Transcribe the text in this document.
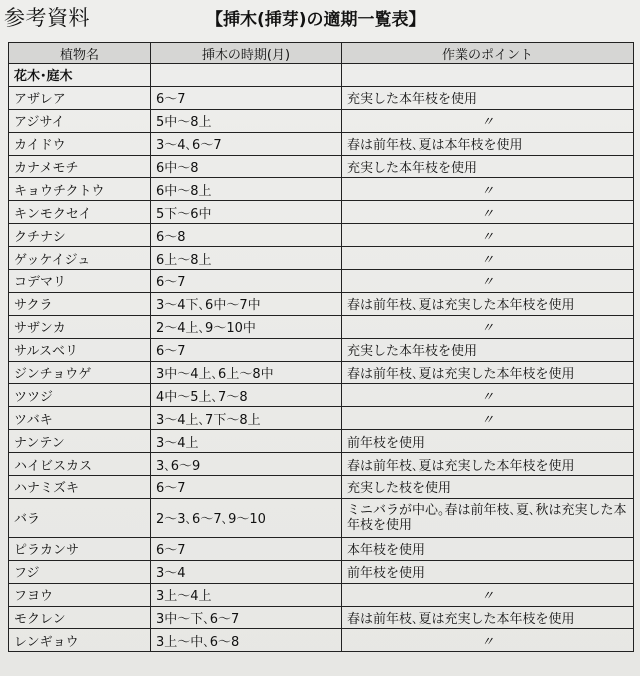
参考資料	【挿木(挿芽)の適期一覧表】
植物名	挿木の時期(月)	作業のポイント
花木･庭木		
アザレア	6～7	充実した本年枝を使用
アジサイ	5中～8上	〃
カイドウ	3～4､6～7	春は前年枝､夏は本年枝を使用
カナメモチ	6中～8	充実した本年枝を使用
キョウチクトウ	6中～8上	〃
キンモクセイ	5下～6中	〃
クチナシ	6～8	〃
ゲッケイジュ	6上～8上	〃
コデマリ	6～7	〃
サクラ	3～4下､6中～7中	春は前年枝､夏は充実した本年枝を使用
サザンカ	2～4上､9～10中	〃
サルスベリ	6～7	充実した本年枝を使用
ジンチョウゲ	3中～4上､6上～8中	春は前年枝､夏は充実した本年枝を使用
ツツジ	4中～5上､7～8	〃
ツバキ	3～4上､7下～8上	〃
ナンテン	3～4上	前年枝を使用
ハイビスカス	3､6～9	春は前年枝､夏は充実した本年枝を使用
ハナミズキ	6～7	充実した枝を使用
バラ	2～3､6～7､9～10	ミニバラが中心｡春は前年枝､夏､秋は充実した本年枝を使用
ピラカンサ	6～7	本年枝を使用
フジ	3～4	前年枝を使用
フヨウ	3上～4上	〃
モクレン	3中～下､6～7	春は前年枝､夏は充実した本年枝を使用
レンギョウ	3上～中､6～8	〃
